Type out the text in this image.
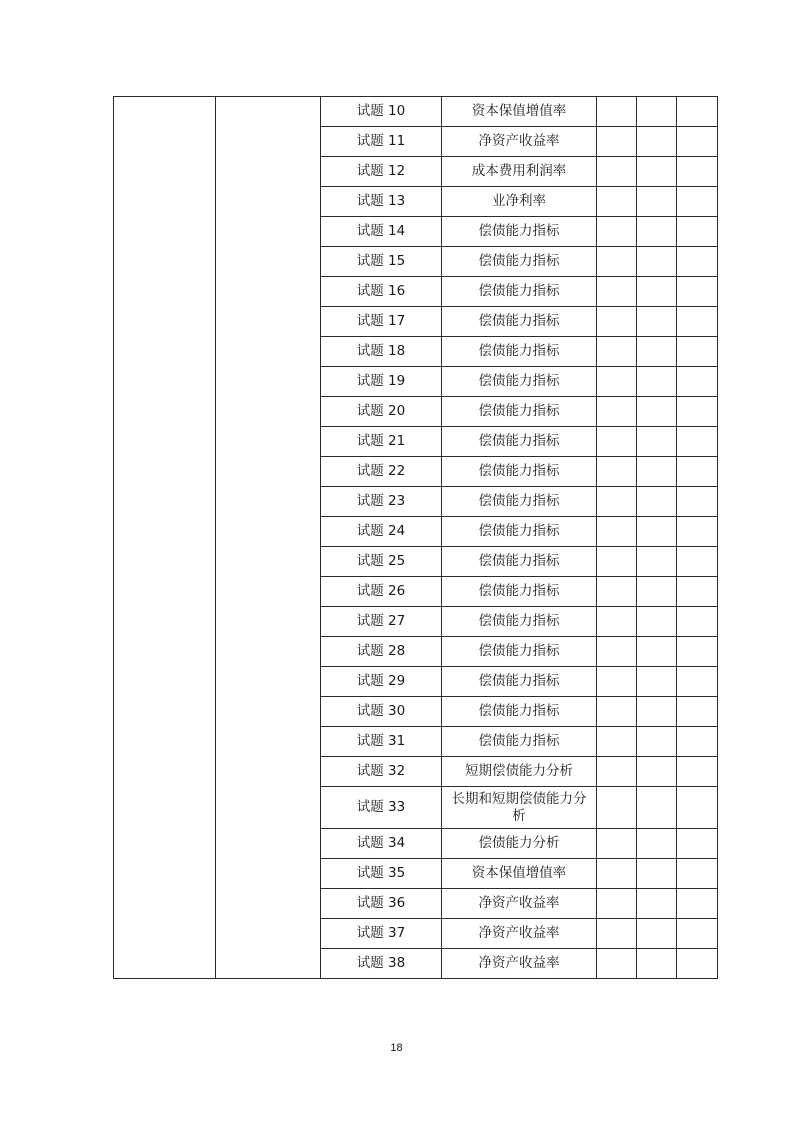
		试题 10	资本保值增值率			
		试题 11	净资产收益率			
		试题 12	成本费用利润率			
		试题 13	业净利率			
		试题 14	偿债能力指标			
		试题 15	偿债能力指标			
		试题 16	偿债能力指标			
		试题 17	偿债能力指标			
		试题 18	偿债能力指标			
		试题 19	偿债能力指标			
		试题 20	偿债能力指标			
		试题 21	偿债能力指标			
		试题 22	偿债能力指标			
		试题 23	偿债能力指标			
		试题 24	偿债能力指标			
		试题 25	偿债能力指标			
		试题 26	偿债能力指标			
		试题 27	偿债能力指标			
		试题 28	偿债能力指标			
		试题 29	偿债能力指标			
		试题 30	偿债能力指标			
		试题 31	偿债能力指标			
		试题 32	短期偿债能力分析			
		试题 33	长期和短期偿债能力分析			
		试题 34	偿债能力分析			
		试题 35	资本保值增值率			
		试题 36	净资产收益率			
		试题 37	净资产收益率			
		试题 38	净资产收益率			
18
